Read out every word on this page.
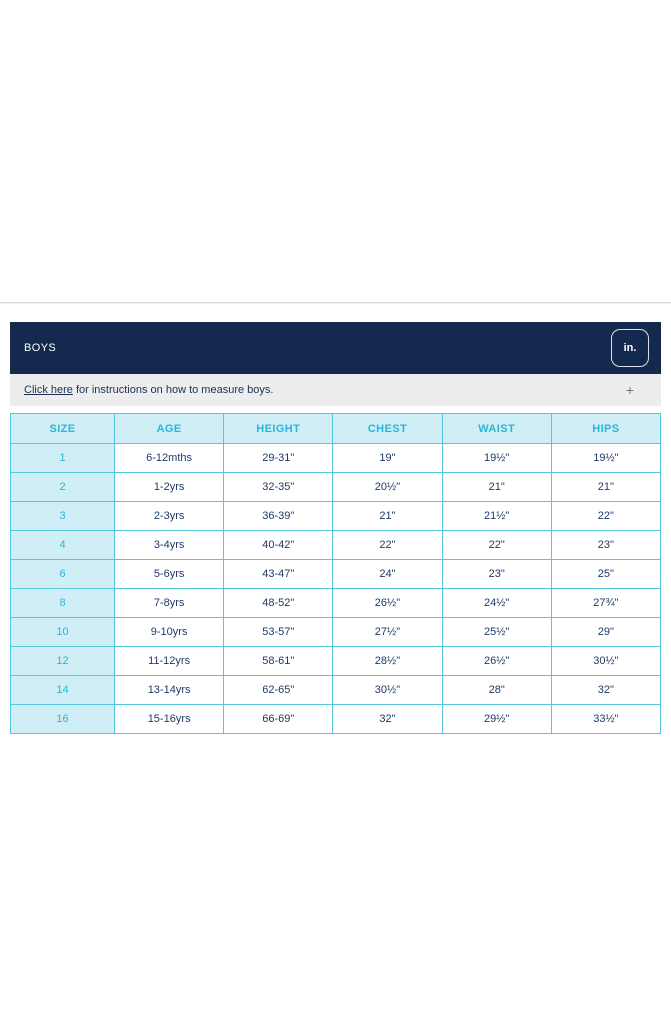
BOYS	in.
Click here for instructions on how to measure boys.	+
SIZE	AGE	HEIGHT	CHEST	WAIST	HIPS
1	6-12mths	29-31"	19"	19½"	19½"
2	1-2yrs	32-35"	20½"	21"	21"
3	2-3yrs	36-39"	21"	21½"	22"
4	3-4yrs	40-42"	22"	22"	23"
6	5-6yrs	43-47"	24"	23"	25"
8	7-8yrs	48-52"	26½"	24½"	27¾"
10	9-10yrs	53-57"	27½"	25½"	29"
12	11-12yrs	58-61"	28½"	26½"	30½"
14	13-14yrs	62-65"	30½"	28"	32"
16	15-16yrs	66-69"	32"	29½"	33½"
